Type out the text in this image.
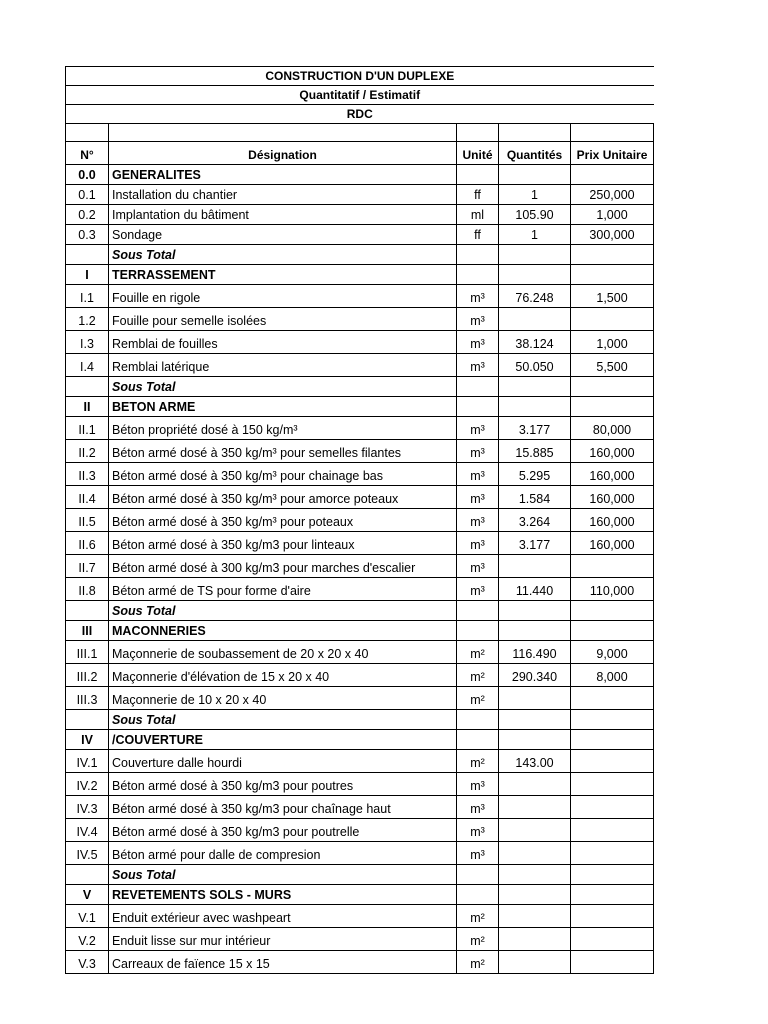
CONSTRUCTION D'UN DUPLEXE				
Quantitatif / Estimatif				
RDC				

N°	Désignation	Unité	Quantités	Prix Unitaire
0.0	GENERALITES			
0.1	Installation du chantier	ff	1	250,000
0.2	Implantation du bâtiment	ml	105.90	1,000
0.3	Sondage	ff	1	300,000
	Sous Total			
I	TERRASSEMENT			
I.1	Fouille en rigole	m³	76.248	1,500
1.2	Fouille pour semelle isolées	m³		
I.3	Remblai de fouilles	m³	38.124	1,000
I.4	Remblai latérique	m³	50.050	5,500
	Sous Total			
II	BETON ARME			
II.1	Béton propriété dosé à 150 kg/m³	m³	3.177	80,000
II.2	Béton armé dosé à 350 kg/m³ pour semelles filantes	m³	15.885	160,000
II.3	Béton armé dosé à 350 kg/m³ pour chainage bas	m³	5.295	160,000
II.4	Béton armé dosé à 350 kg/m³ pour amorce poteaux	m³	1.584	160,000
II.5	Béton armé dosé à 350 kg/m³ pour poteaux	m³	3.264	160,000
II.6	Béton armé dosé à 350 kg/m3 pour linteaux	m³	3.177	160,000
II.7	Béton armé dosé à 300 kg/m3 pour marches d'escalier	m³		
II.8	Béton armé de TS pour forme d'aire	m³	11.440	110,000
	Sous Total			
III	MACONNERIES			
III.1	Maçonnerie de soubassement de 20 x 20 x 40	m²	116.490	9,000
III.2	Maçonnerie d'élévation de 15 x 20 x 40	m²	290.340	8,000
III.3	Maçonnerie de 10 x 20 x 40	m²		
	Sous Total			
IV	/COUVERTURE			
IV.1	Couverture dalle hourdi	m²	143.00	
IV.2	Béton armé dosé à 350 kg/m3 pour poutres	m³		
IV.3	Béton armé dosé à 350 kg/m3 pour chaînage haut	m³		
IV.4	Béton armé dosé à 350 kg/m3 pour poutrelle	m³		
IV.5	Béton armé pour dalle de compresion	m³		
	Sous Total			
V	REVETEMENTS SOLS - MURS			
V.1	Enduit extérieur avec washpeart	m²		
V.2	Enduit lisse sur mur intérieur	m²		
V.3	Carreaux de faïence 15 x 15	m²		
